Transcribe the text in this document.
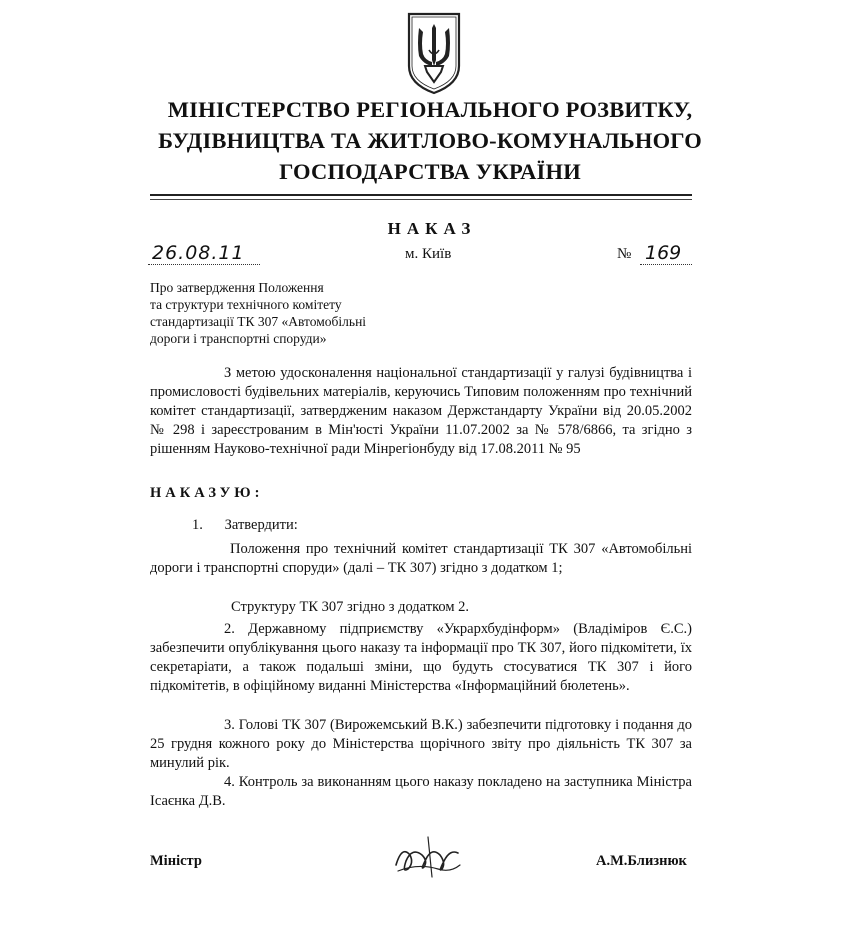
МІНІСТЕРСТВО РЕГІОНАЛЬНОГО РОЗВИТКУ,
БУДІВНИЦТВА ТА ЖИТЛОВО-КОМУНАЛЬНОГО
ГОСПОДАРСТВА УКРАЇНИ
НАКАЗ
26.08.11	м. Київ	№ 169
Про затвердження Положення
та структури технічного комітету
стандартизації ТК 307 «Автомобільні
дороги і транспортні споруди»
З метою удосконалення національної стандартизації у галузі будівництва і промисловості будівельних матеріалів, керуючись Типовим положенням про технічний комітет стандартизації, затвердженим наказом Держстандарту України від 20.05.2002 № 298 і зареєстрованим в Мін'юсті України 11.07.2002 за № 578/6866, та згідно з рішенням Науково-технічної ради Мінрегіонбуду від 17.08.2011 № 95
НАКАЗУЮ:
1.      Затвердити:
Положення про технічний комітет стандартизації ТК 307 «Автомобільні дороги і транспортні споруди» (далі – ТК 307) згідно з додатком 1;
Структуру ТК 307 згідно з додатком 2.
2. Державному підприємству «Укрархбудінформ» (Владіміров Є.С.) забезпечити опублікування цього наказу та інформації про ТК 307, його підкомітети, їх секретаріати, а також подальші зміни, що будуть стосуватися ТК 307 і його підкомітетів, в офіційному виданні Міністерства «Інформаційний бюлетень».
3. Голові ТК 307 (Вирожемський В.К.) забезпечити підготовку і подання до 25 грудня кожного року до Міністерства щорічного звіту про діяльність ТК 307 за минулий рік.
4. Контроль за виконанням цього наказу покладено на заступника Міністра Ісаєнка Д.В.
Міністр	А.М.Близнюк
